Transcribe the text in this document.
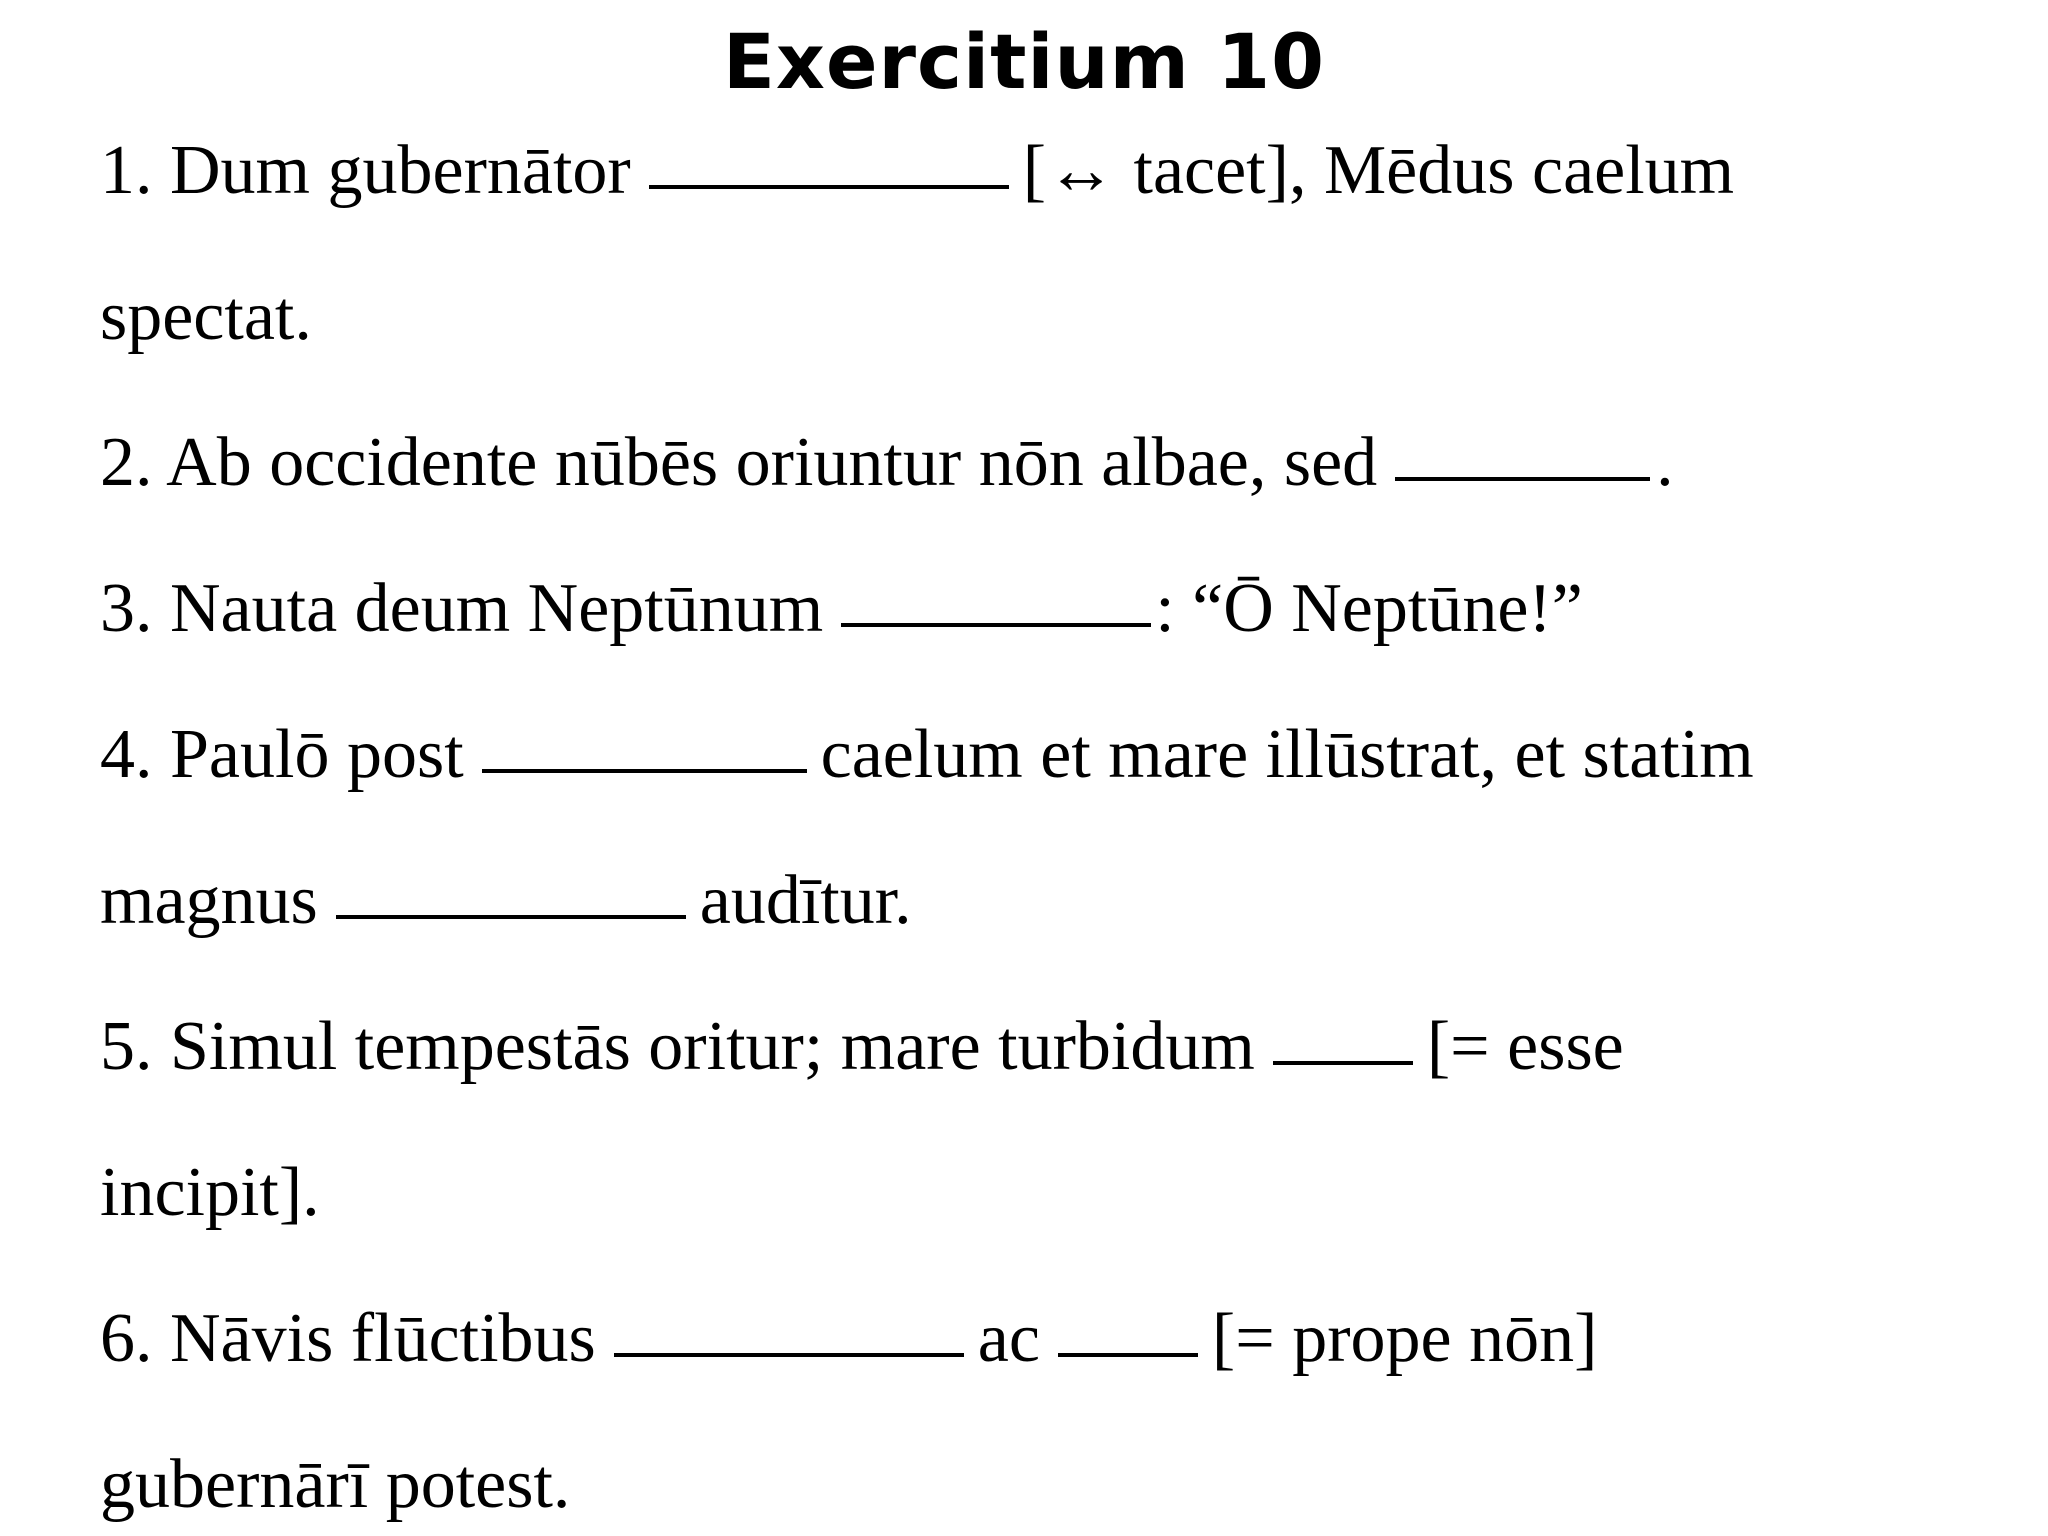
Exercitium 10
1. Dum gubernātor	[↔ tacet], Mēdus caelum
spectat.
2. Ab occidente nūbēs oriuntur nōn albae, sed	.
3. Nauta deum Neptūnum	: “Ō Neptūne!”
4. Paulō post	caelum et mare illūstrat, et statim
magnus	audītur.
5. Simul tempestās oritur; mare turbidum [= esse
incipit].
6. Nāvis flūctibus	ac [= prope nōn]
gubernārī potest.
